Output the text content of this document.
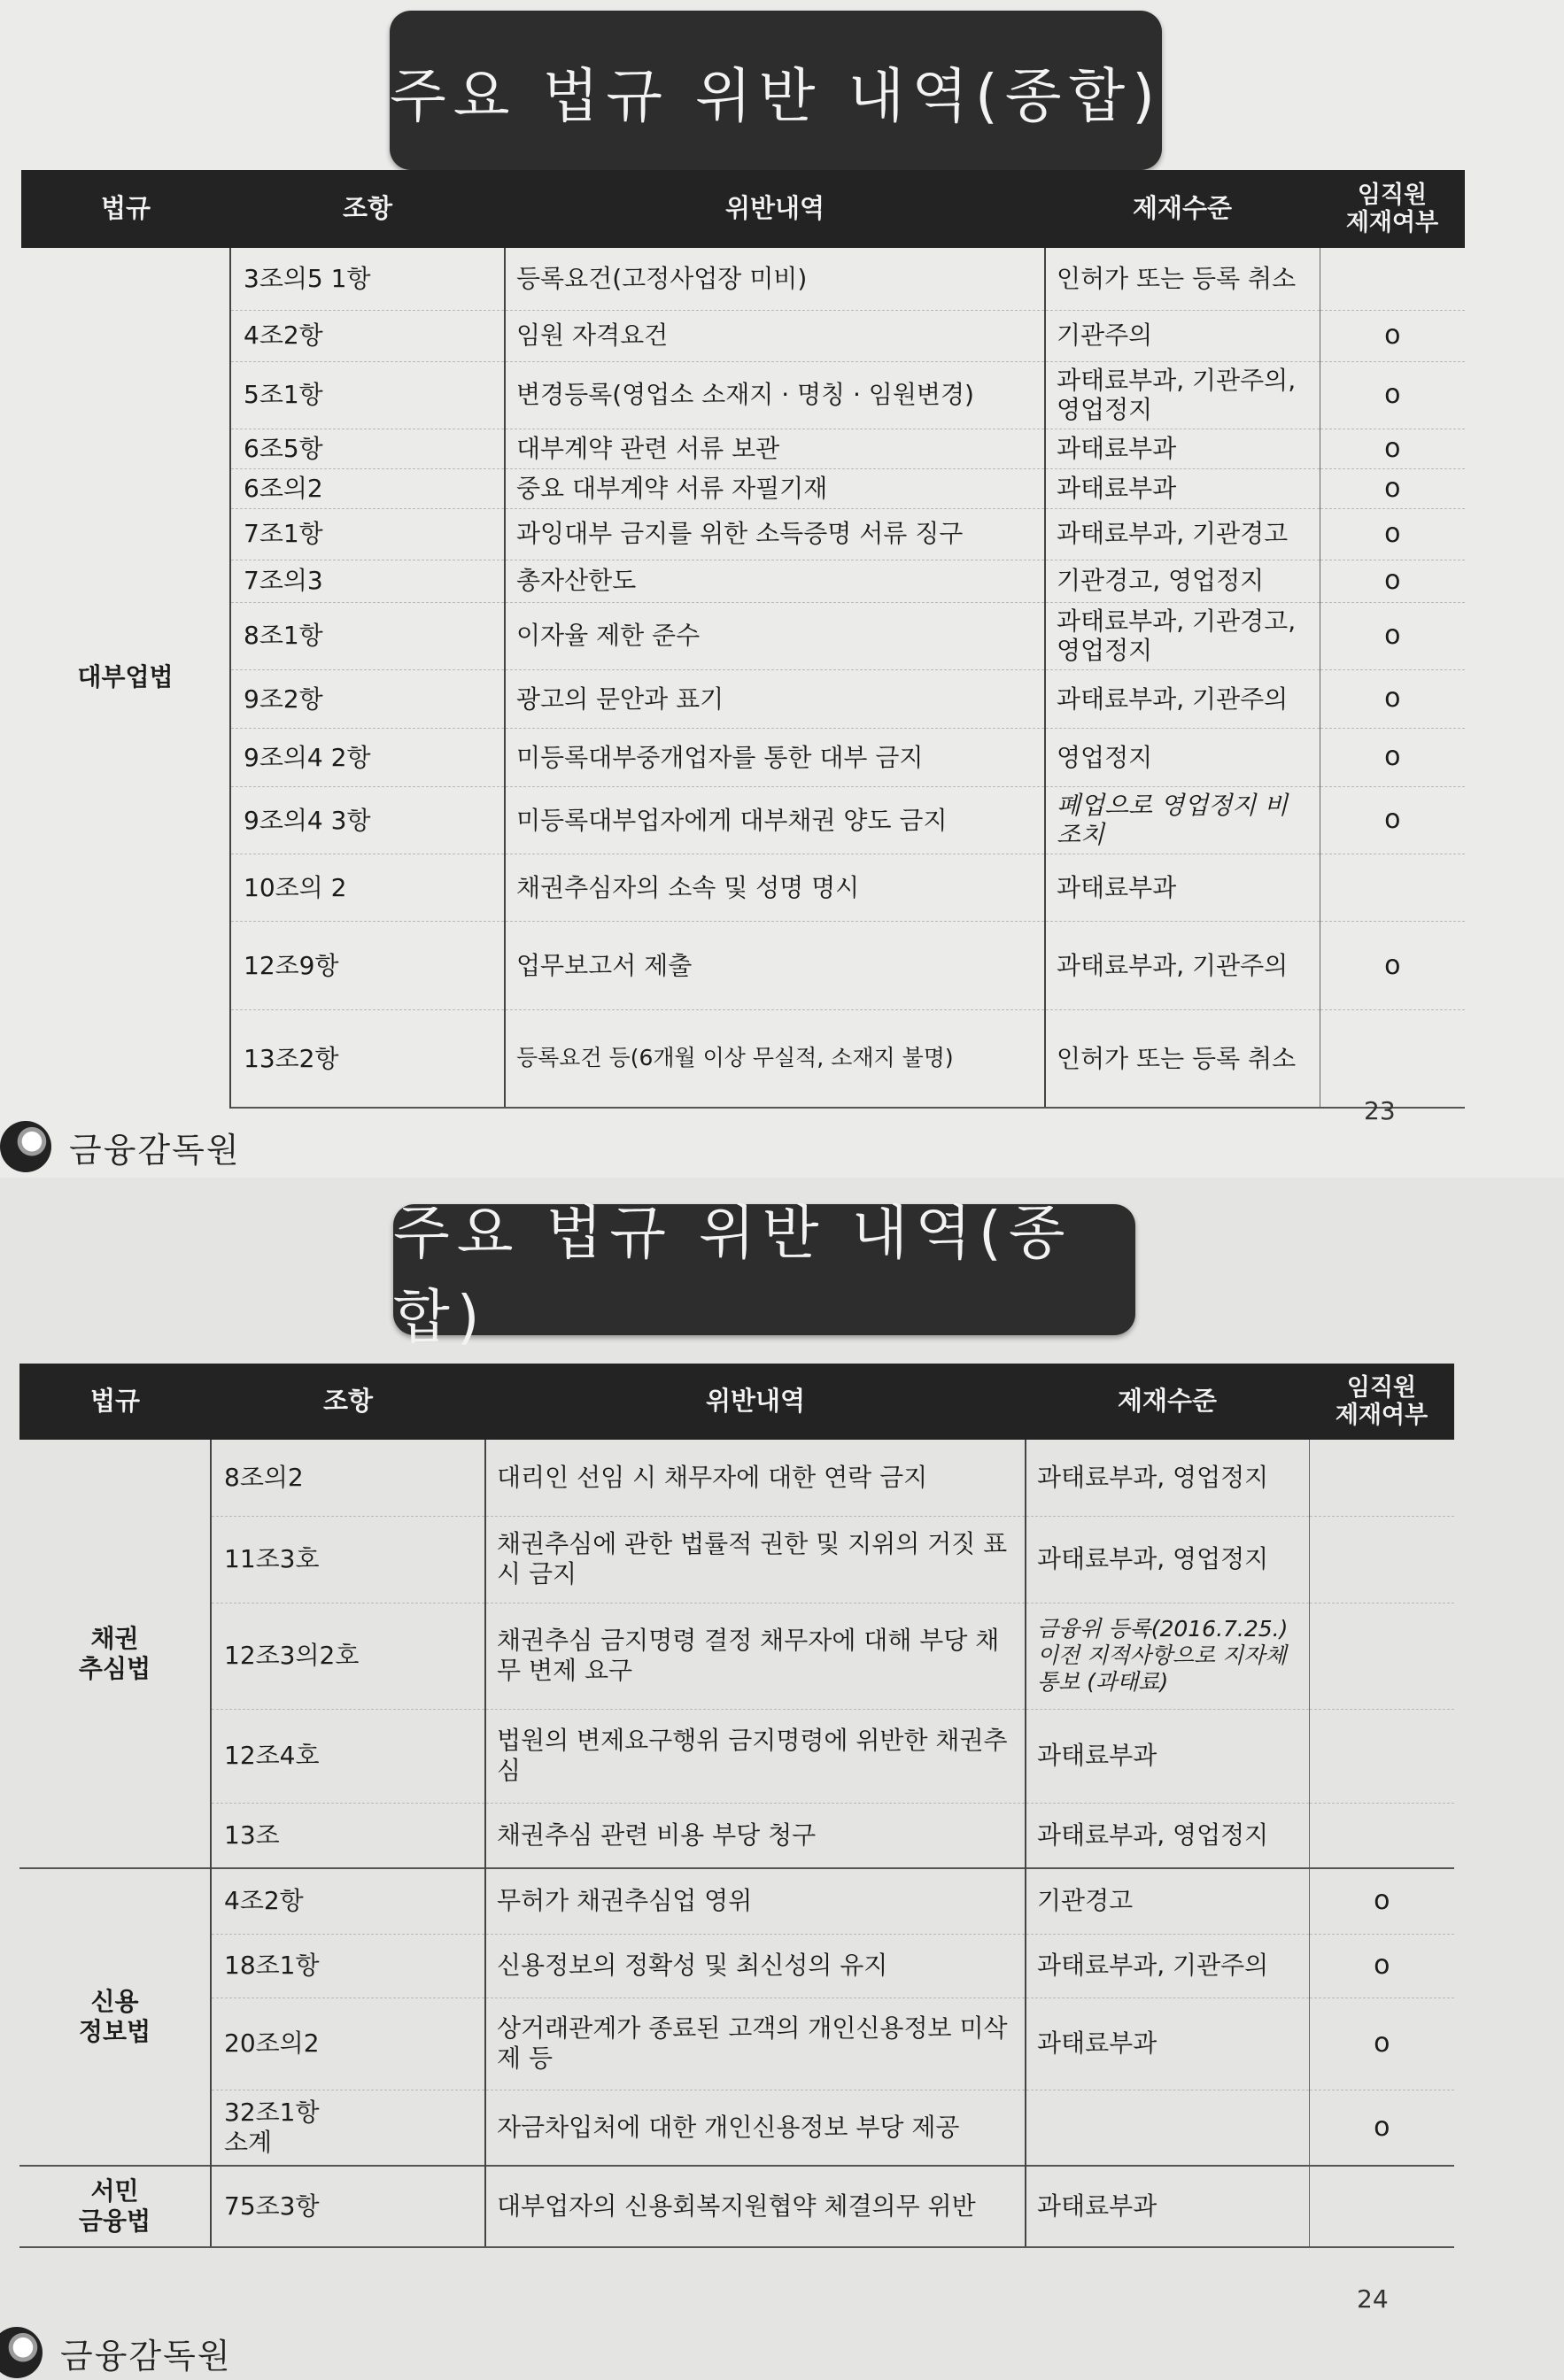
주요 법규 위반 내역(종합)
법규	조항	위반내역	제재수준	임직원
제재여부
대부업법	3조의5 1항	등록요건(고정사업장 미비)	인허가 또는 등록 취소	
	4조2항	임원 자격요건	기관주의	o
	5조1항	변경등록(영업소 소재지 · 명칭 · 임원변경)	과태료부과, 기관주의, 영업정지	o
	6조5항	대부계약 관련 서류 보관	과태료부과	o
	6조의2	중요 대부계약 서류 자필기재	과태료부과	o
	7조1항	과잉대부 금지를 위한 소득증명 서류 징구	과태료부과, 기관경고	o
	7조의3	총자산한도	기관경고, 영업정지	o
	8조1항	이자율 제한 준수	과태료부과, 기관경고, 영업정지	o
	9조2항	광고의 문안과 표기	과태료부과, 기관주의	o
	9조의4 2항	미등록대부중개업자를 통한 대부 금지	영업정지	o
	9조의4 3항	미등록대부업자에게 대부채권 양도 금지	폐업으로 영업정지 비조치	o
	10조의 2	채권추심자의 소속 및 성명 명시	과태료부과	
	12조9항	업무보고서 제출	과태료부과, 기관주의	o
	13조2항	등록요건 등(6개월 이상 무실적, 소재지 불명)	인허가 또는 등록 취소	
23
금융감독원
주요 법규 위반 내역(종합)
법규	조항	위반내역	제재수준	임직원
제재여부
채권
추심법	8조의2	대리인 선임 시 채무자에 대한 연락 금지	과태료부과, 영업정지	
	11조3호	채권추심에 관한 법률적 권한 및 지위의 거짓 표시 금지	과태료부과, 영업정지	
	12조3의2호	채권추심 금지명령 결정 채무자에 대해 부당 채무 변제 요구	금융위 등록(2016.7.25.) 이전 지적사항으로 지자체 통보 (과태료)	
	12조4호	법원의 변제요구행위 금지명령에 위반한 채권추심	과태료부과	
	13조	채권추심 관련 비용 부당 청구	과태료부과, 영업정지	
신용
정보법	4조2항	무허가 채권추심업 영위	기관경고	o
	18조1항	신용정보의 정확성 및 최신성의 유지	과태료부과, 기관주의	o
	20조의2	상거래관계가 종료된 고객의 개인신용정보 미삭제 등	과태료부과	o
	32조1항
소계	자금차입처에 대한 개인신용정보 부당 제공		o
서민
금융법	75조3항	대부업자의 신용회복지원협약 체결의무 위반	과태료부과	
24
금융감독원
